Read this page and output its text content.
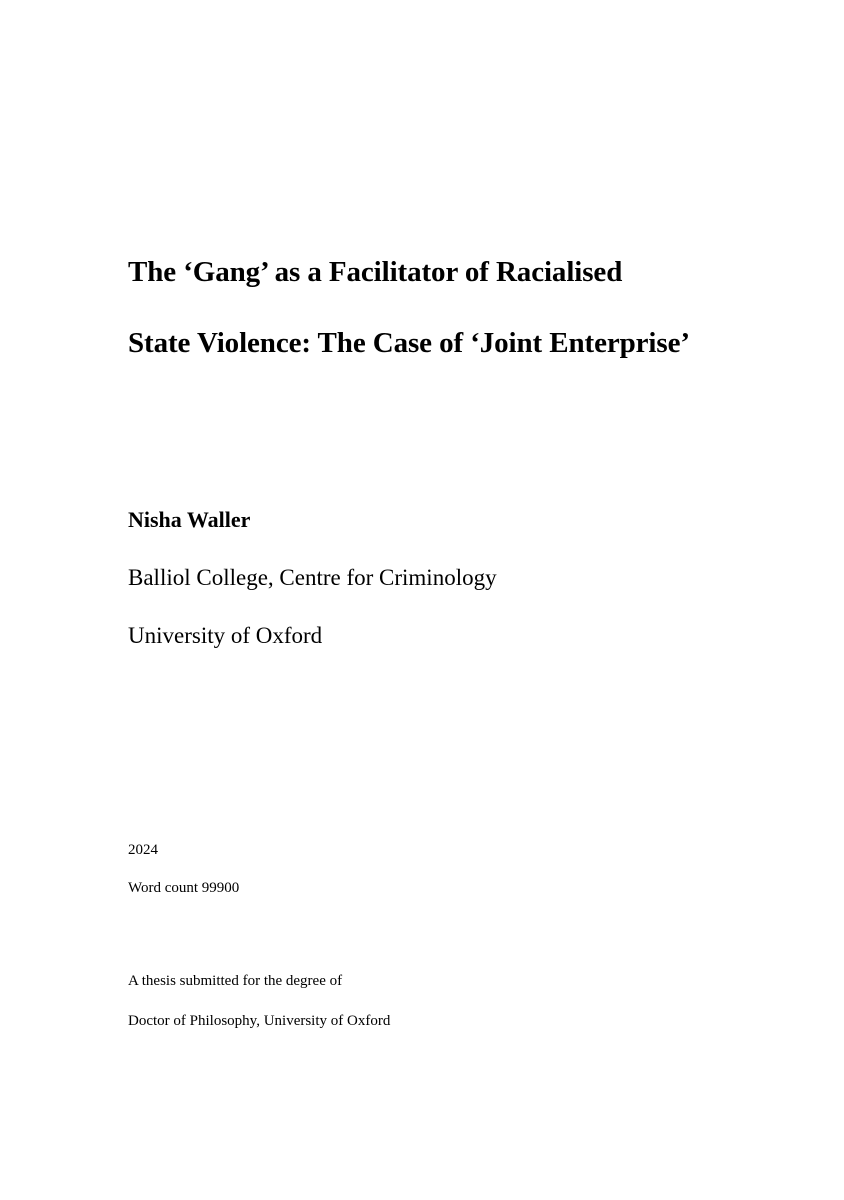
The ‘Gang’ as a Facilitator of Racialised
State Violence: The Case of ‘Joint Enterprise’
Nisha Waller
Balliol College, Centre for Criminology
University of Oxford
2024
Word count 99900
A thesis submitted for the degree of
Doctor of Philosophy, University of Oxford
